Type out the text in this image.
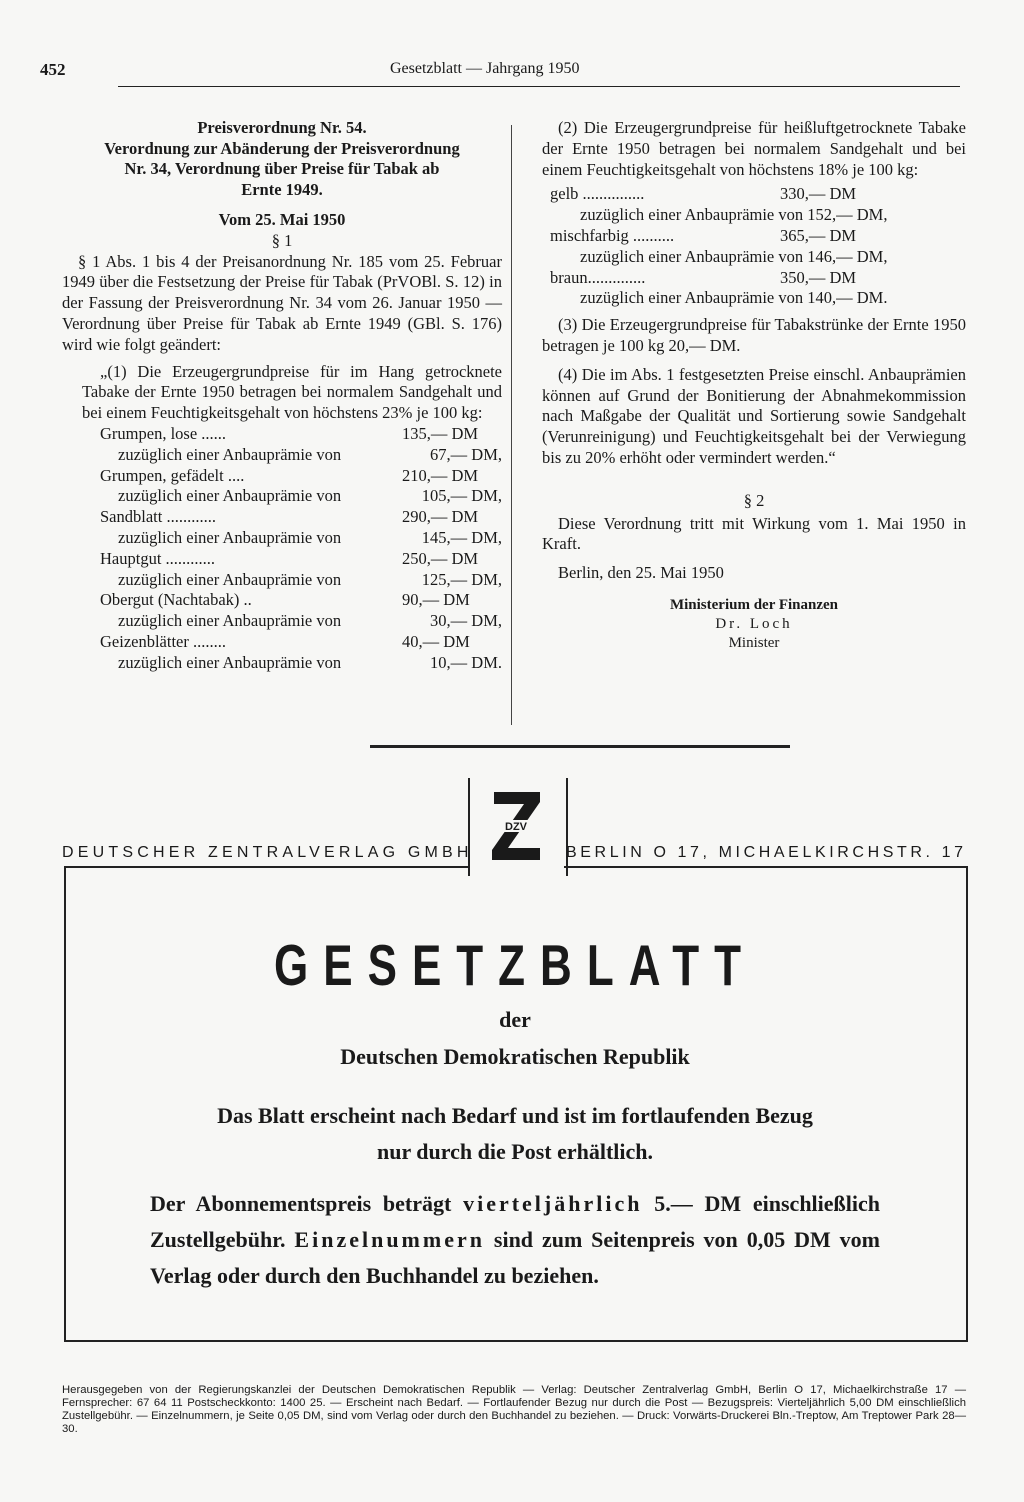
452	Gesetzblatt — Jahrgang 1950
Preisverordnung Nr. 54.
Verordnung zur Abänderung der Preisverordnung
Nr. 34, Verordnung über Preise für Tabak ab
Ernte 1949.
Vom 25. Mai 1950
§ 1
§ 1 Abs. 1 bis 4 der Preisanordnung Nr. 185 vom 25. Februar 1949 über die Festsetzung der Preise für Tabak (PrVOBl. S. 12) in der Fassung der Preisverordnung Nr. 34 vom 26. Januar 1950 — Verordnung über Preise für Tabak ab Ernte 1949 (GBl. S. 176) wird wie folgt geändert:
„(1) Die Erzeugergrundpreise für im Hang getrocknete Tabake der Ernte 1950 betragen bei normalem Sandgehalt und bei einem Feuchtigkeitsgehalt von höchstens 23% je 100 kg:
Grumpen, lose ......	135,— DM
zuzüglich einer Anbauprämie von	67,— DM,
Grumpen, gefädelt ....	210,— DM
zuzüglich einer Anbauprämie von	105,— DM,
Sandblatt ............	290,— DM
zuzüglich einer Anbauprämie von	145,— DM,
Hauptgut ............	250,— DM
zuzüglich einer Anbauprämie von	125,— DM,
Obergut (Nachtabak) ..	90,— DM
zuzüglich einer Anbauprämie von	30,— DM,
Geizenblätter ........	40,— DM
zuzüglich einer Anbauprämie von	10,— DM.
(2) Die Erzeugergrundpreise für heißluftgetrocknete Tabake der Ernte 1950 betragen bei normalem Sandgehalt und bei einem Feuchtigkeitsgehalt von höchstens 18% je 100 kg:
gelb ...............	330,— DM
zuzüglich einer Anbauprämie von 152,— DM,
mischfarbig ..........	365,— DM
zuzüglich einer Anbauprämie von 146,— DM,
braun..............	350,— DM
zuzüglich einer Anbauprämie von 140,— DM.
(3) Die Erzeugergrundpreise für Tabakstrünke der Ernte 1950 betragen je 100 kg 20,— DM.
(4) Die im Abs. 1 festgesetzten Preise einschl. Anbauprämien können auf Grund der Bonitierung der Abnahmekommission nach Maßgabe der Qualität und Sortierung sowie Sandgehalt (Verunreinigung) und Feuchtigkeitsgehalt bei der Verwiegung bis zu 20% erhöht oder vermindert werden.“
§ 2
Diese Verordnung tritt mit Wirkung vom 1. Mai 1950 in Kraft.
Berlin, den 25. Mai 1950
Ministerium der Finanzen
Dr. Loch
Minister
DZV
DEUTSCHER ZENTRALVERLAG GMBH	BERLIN O 17, MICHAELKIRCHSTR. 17
GESETZBLATT
der
Deutschen Demokratischen Republik
Das Blatt erscheint nach Bedarf und ist im fortlaufenden Bezug
nur durch die Post erhältlich.
Der Abonnementspreis beträgt vierteljährlich 5.— DM einschließlich Zustellgebühr. Einzelnummern sind zum Seitenpreis von 0,05 DM vom Verlag oder durch den Buchhandel zu beziehen.
Herausgegeben von der Regierungskanzlei der Deutschen Demokratischen Republik — Verlag: Deutscher Zentralverlag GmbH, Berlin O 17, Michaelkirchstraße 17 — Fernsprecher: 67 64 11 Postscheckkonto: 1400 25. — Erscheint nach Bedarf. — Fortlaufender Bezug nur durch die Post — Bezugspreis: Vierteljährlich 5,00 DM einschließlich Zustellgebühr. — Einzelnummern, je Seite 0,05 DM, sind vom Verlag oder durch den Buchhandel zu beziehen. — Druck: Vorwärts-Druckerei Bln.-Treptow, Am Treptower Park 28—30.
